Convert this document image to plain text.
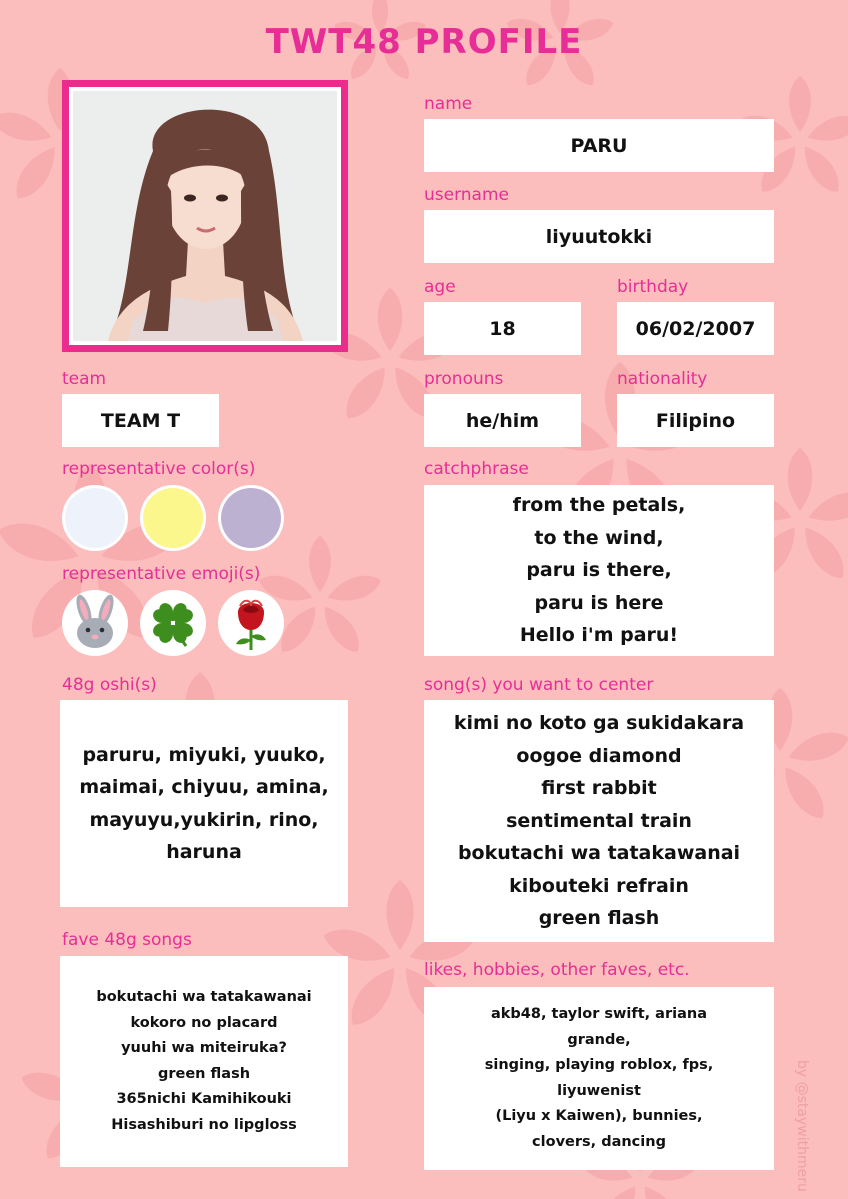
TWT48 PROFILE
name
PARU
username
liyuutokki
age
18
birthday
06/02/2007
team
TEAM T
pronouns
he/him
nationality
Filipino
representative color(s)
representative emoji(s)
catchphrase
from the petals,
to the wind,
paru is there,
paru is here
Hello i'm paru!
48g oshi(s)
paruru, miyuki, yuuko,
maimai, chiyuu, amina,
mayuyu,yukirin, rino,
haruna
song(s) you want to center
kimi no koto ga sukidakara
oogoe diamond
first rabbit
sentimental train
bokutachi wa tatakawanai
kibouteki refrain
green flash
fave 48g songs
bokutachi wa tatakawanai
kokoro no placard
yuuhi wa miteiruka?
green flash
365nichi Kamihikouki
Hisashiburi no lipgloss
likes, hobbies, other faves, etc.
akb48, taylor swift, ariana
grande,
singing, playing roblox, fps,
liyuwenist
(Liyu x Kaiwen), bunnies,
clovers, dancing	by @staywithmeru
